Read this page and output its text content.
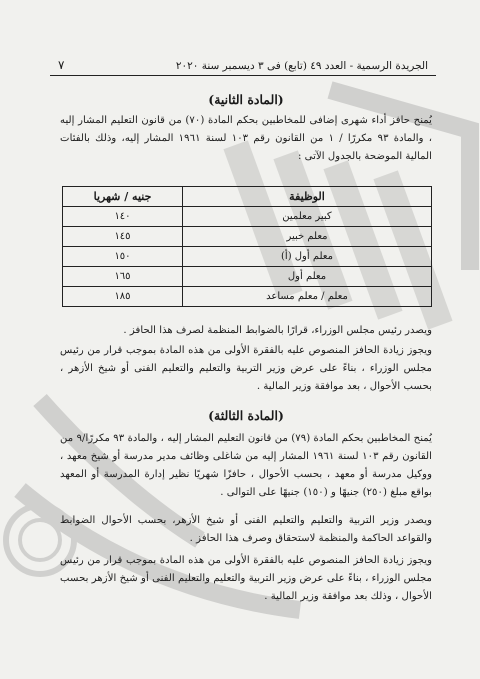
الجريدة الرسمية - العدد ٤٩ (تابع) فى ٣ ديسمبر سنة ٢٠٢٠
٧
(المادة الثانية)
يُمنح حافز أداء شهرى إضافى للمخاطبين بحكم المادة (٧٠) من قانون التعليم المشار إليه ، والمادة ٩٣ مكررًا / ١ من القانون رقم ١٠٣ لسنة ١٩٦١ المشار إليه، وذلك بالفئات المالية الموضحة بالجدول الآتى :
الوظيفة	جنيه / شهريا
كبير معلمين	١٤٠
معلم خبير	١٤٥
معلم أول (أ)	١٥٠
معلم أول	١٦٥
معلم / معلم مساعد	١٨٥
ويصدر رئيس مجلس الوزراء، قرارًا بالضوابط المنظمة لصرف هذا الحافز .
ويجوز زيادة الحافز المنصوص عليه بالفقرة الأولى من هذه المادة بموجب قرار من رئيس مجلس الوزراء ، بناءً على عرض وزير التربية والتعليم والتعليم الفنى أو شيخ الأزهر ، بحسب الأحوال ، بعد موافقة وزير المالية .
(المادة الثالثة)
يُمنح المخاطبين بحكم المادة (٧٩) من قانون التعليم المشار إليه ، والمادة ٩٣ مكررًا/٩ من القانون رقم ١٠٣ لسنة ١٩٦١ المشار إليه من شاغلى وظائف مدير مدرسة أو شيخ معهد ، ووكيل مدرسة أو معهد ، بحسب الأحوال ، حافزًا شهريًا نظير إدارة المدرسة أو المعهد بواقع مبلغ (٢٥٠) جنيهًا و (١٥٠) جنيهًا على التوالى .
ويصدر وزير التربية والتعليم والتعليم الفنى أو شيخ الأزهر، بحسب الأحوال الضوابط والقواعد الحاكمة والمنظمة لاستحقاق وصرف هذا الحافز .
ويجوز زيادة الحافز المنصوص عليه بالفقرة الأولى من هذه المادة بموجب قرار من رئيس مجلس الوزراء ، بناءً على عرض وزير التربية والتعليم والتعليم الفنى أو شيخ الأزهر بحسب الأحوال ، وذلك بعد موافقة وزير المالية .
